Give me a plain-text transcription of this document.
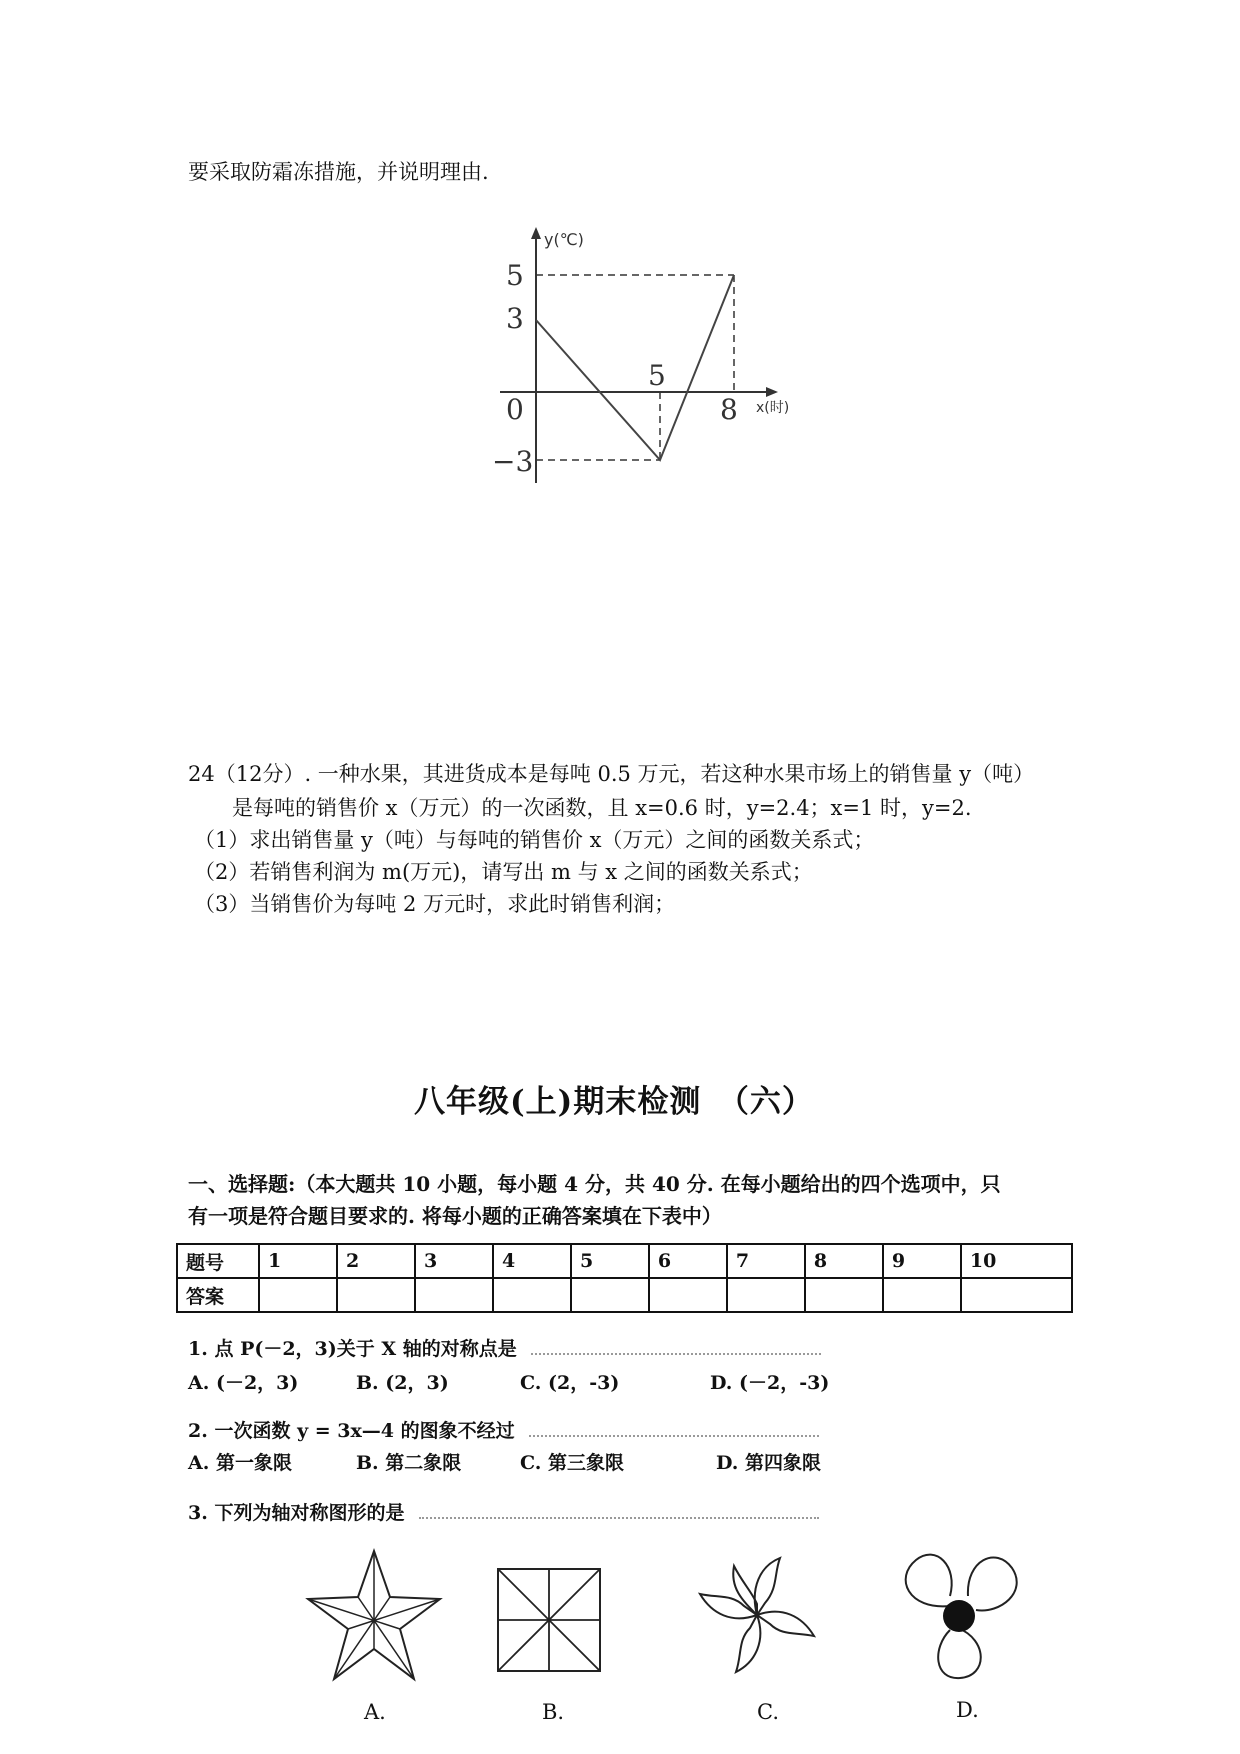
要采取防霜冻措施，并说明理由.
y(℃)
x(时)
5
3
−3
0
5
8
24（12分）. 一种水果，其进货成本是每吨 0.5 万元，若这种水果市场上的销售量 y（吨）
是每吨的销售价 x（万元）的一次函数，且 x=0.6 时，y=2.4；x=1 时，y=2.
（1）求出销售量 y（吨）与每吨的销售价 x（万元）之间的函数关系式；
（2）若销售利润为 m(万元)，请写出 m 与 x 之间的函数关系式；
（3）当销售价为每吨 2 万元时，求此时销售利润；
八年级(上)期末检测　（六）
一、选择题:（本大题共 10 小题，每小题 4 分，共 40 分. 在每小题给出的四个选项中，只
有一项是符合题目要求的. 将每小题的正确答案填在下表中）
题号	1	2	3	4	5	6	7	8	9	10
答案										
1. 点 P(－2，3)关于 X 轴的对称点是
A. (－2，3)	B. (2，3)	C. (2，-3)	D. (－2，-3)
2. 一次函数 y = 3x—4 的图象不经过
A. 第一象限	B. 第二象限	C. 第三象限	D. 第四象限
3. 下列为轴对称图形的是
A.	B.	C.	D.
